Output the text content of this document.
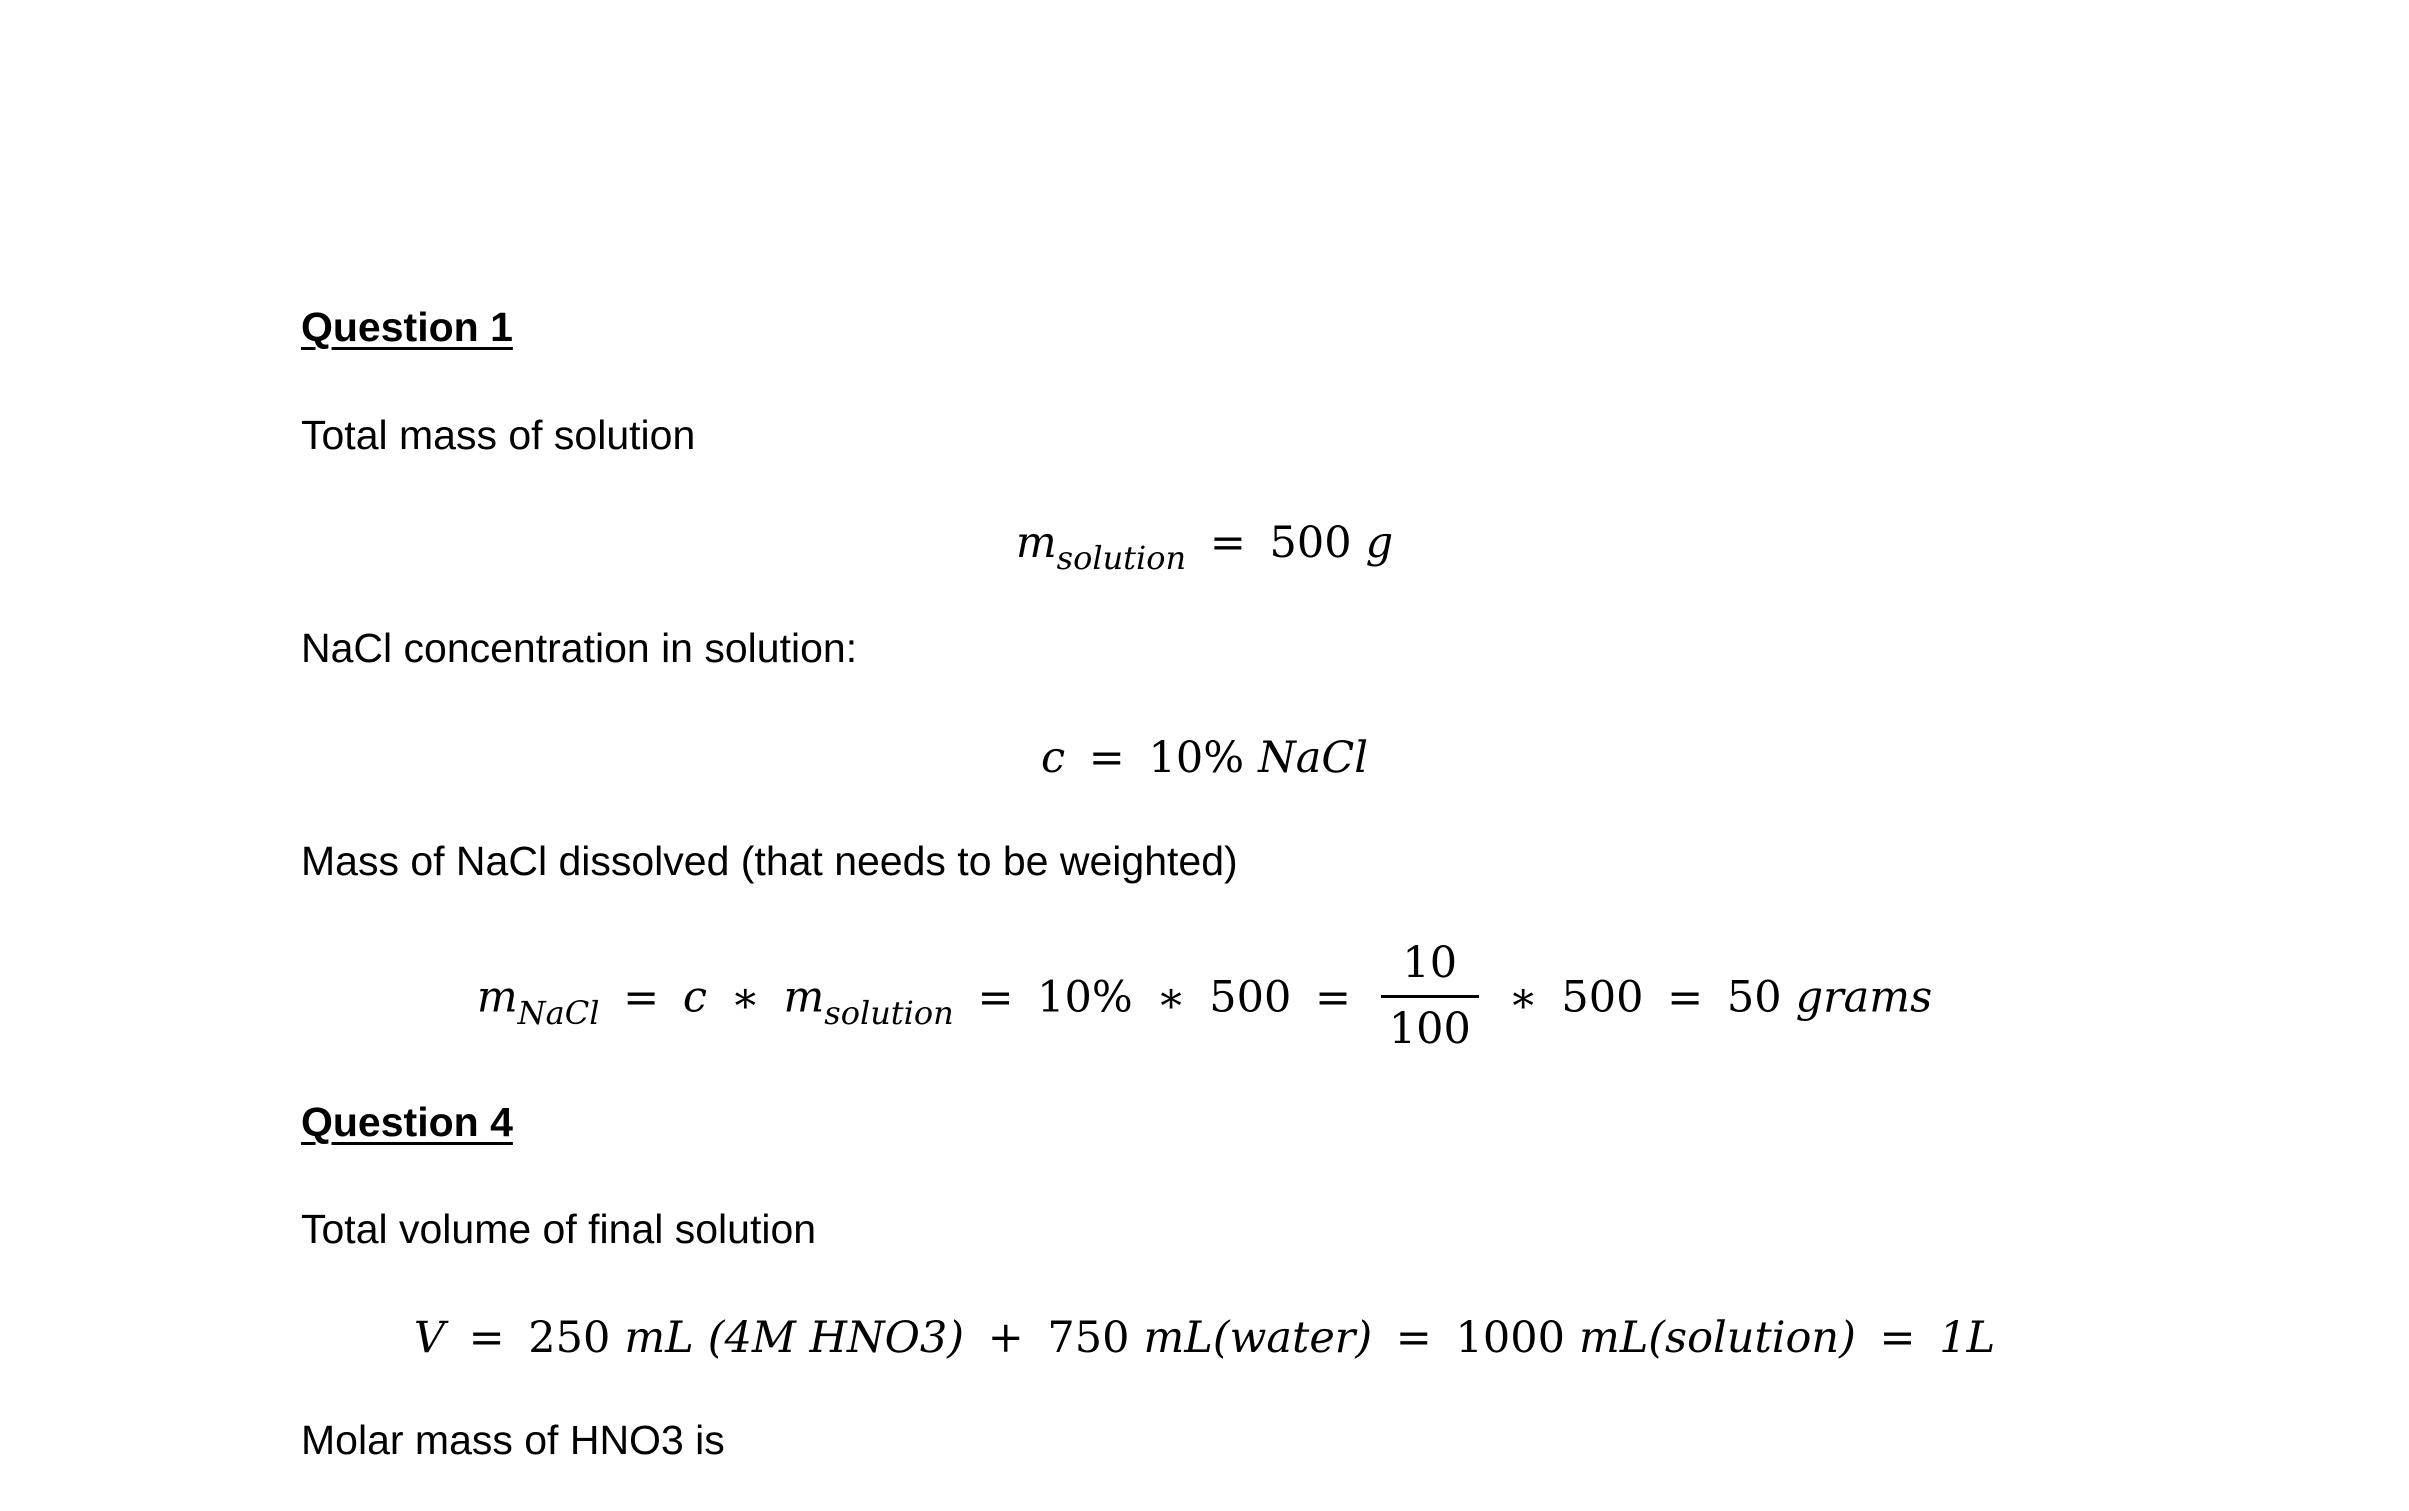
Question 1
Total mass of solution
$m_{solution} = 500$ g
NaCl concentration in solution:
c = 10% NaCl
Mass of NaCl dissolved (that needs to be weighted)
$m_{NaCl} = c$ ∗ $m_{solution} = 10\%$ ∗ $500 = \frac{10}{100}$ ∗ 500 = 50 grams
Question 4
Total volume of final solution
V = 250 mL (4M HNO3) + 750 mL(water) = 1000 mL(solution) = 1L
Molar mass of HNO3 is
